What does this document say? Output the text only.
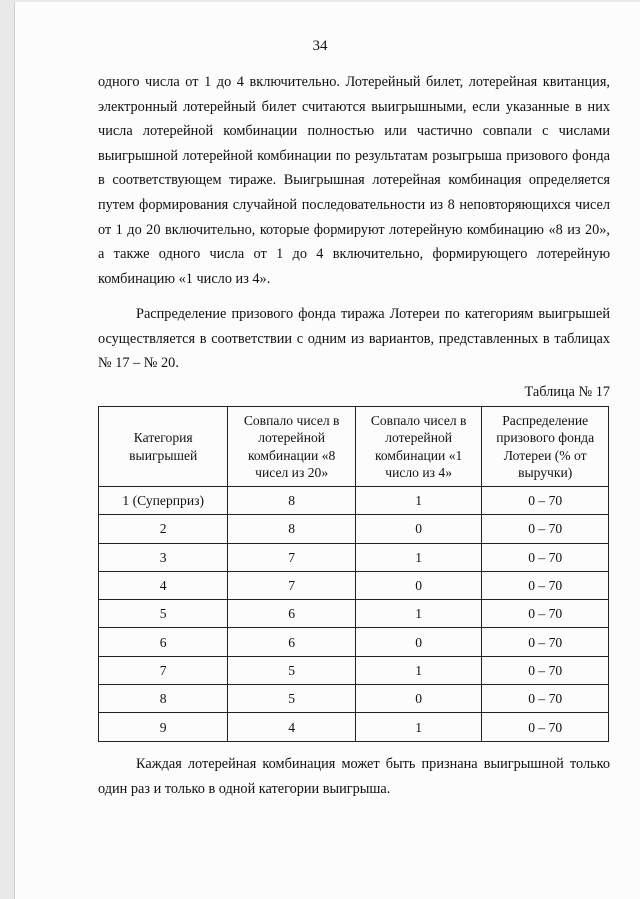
34

одного числа от 1 до 4 включительно. Лотерейный билет, лотерейная квитанция, электронный лотерейный билет считаются выигрышными, если указанные в них числа лотерейной комбинации полностью или частично совпали с числами выигрышной лотерейной комбинации по результатам розыгрыша призового фонда в соответствующем тираже. Выигрышная лотерейная комбинация определяется путем формирования случайной последовательности из 8 неповторяющихся чисел от 1 до 20 включительно, которые формируют лотерейную комбинацию «8 из 20», а также одного числа от 1 до 4 включительно, формирующего лотерейную комбинацию «1 число из 4».

Распределение призового фонда тиража Лотереи по категориям выигрышей осуществляется в соответствии с одним из вариантов, представленных в таблицах № 17 – № 20.

Таблица № 17
Категория выигрышей	Совпало чисел в лотерейной комбинации «8 чисел из 20»	Совпало чисел в лотерейной комбинации «1 число из 4»	Распределение призового фонда Лотереи (% от выручки)
1 (Суперприз)	8	1	0 – 70
2	8	0	0 – 70
3	7	1	0 – 70
4	7	0	0 – 70
5	6	1	0 – 70
6	6	0	0 – 70
7	5	1	0 – 70
8	5	0	0 – 70
9	4	1	0 – 70

Каждая лотерейная комбинация может быть признана выигрышной только один раз и только в одной категории выигрыша.
